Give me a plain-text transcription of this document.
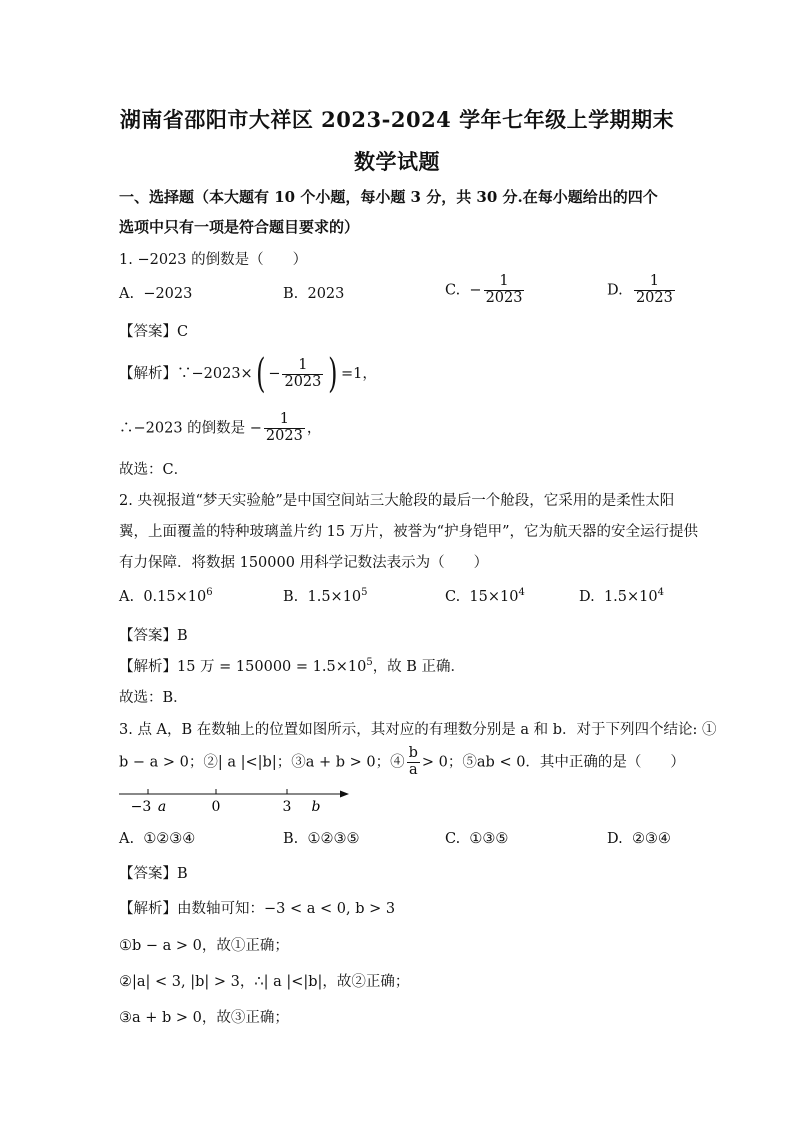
湖南省邵阳市大祥区 2023-2024 学年七年级上学期期末
数学试题
一、选择题（本大题有 10 个小题，每小题 3 分，共 30 分.在每小题给出的四个
选项中只有一项是符合题目要求的）
1. −2023 的倒数是（　　）
A. −2023	B. 2023	C. − $\frac{1}{2023}$	D. $\frac{1}{2023}$
【答案】C
【解析】∵−2023×( − $\frac{1}{2023}$ ) =1，
∴−2023 的倒数是 − $\frac{1}{2023}$ ，
故选：C．
2. 央视报道“梦天实验舱”是中国空间站三大舱段的最后一个舱段，它采用的是柔性太阳
翼，上面覆盖的特种玻璃盖片约 15 万片，被誉为“护身铠甲”，它为航天器的安全运行提供
有力保障．将数据 150000 用科学记数法表示为（　　）
A. $0.15\times 10^6$	B. $1.5\times 10^5$	C. $15\times 10^4$	D. $1.5\times 10^4$
【答案】B
【解析】15 万 = $150000 = 1.5\times 10^5$，故 B 正确．
故选：B．
3. 点 A，B 在数轴上的位置如图所示，其对应的有理数分别是 a 和 b．对于下列四个结论: ①
b − a > 0；②| a |<|b|；③a + b > 0；④ $\frac{b}{a} > 0$；⑤ab < 0．其中正确的是（　　）
−3 a	0	3 b
A. ①②③④	B. ①②③⑤	C. ①③⑤	D. ②③④
【答案】B
【解析】由数轴可知：−3 < a < 0, b > 3
①b − a > 0，故①正确；
②|a| < 3, |b| > 3，∴| a |<|b|，故②正确；
③a + b > 0，故③正确；
